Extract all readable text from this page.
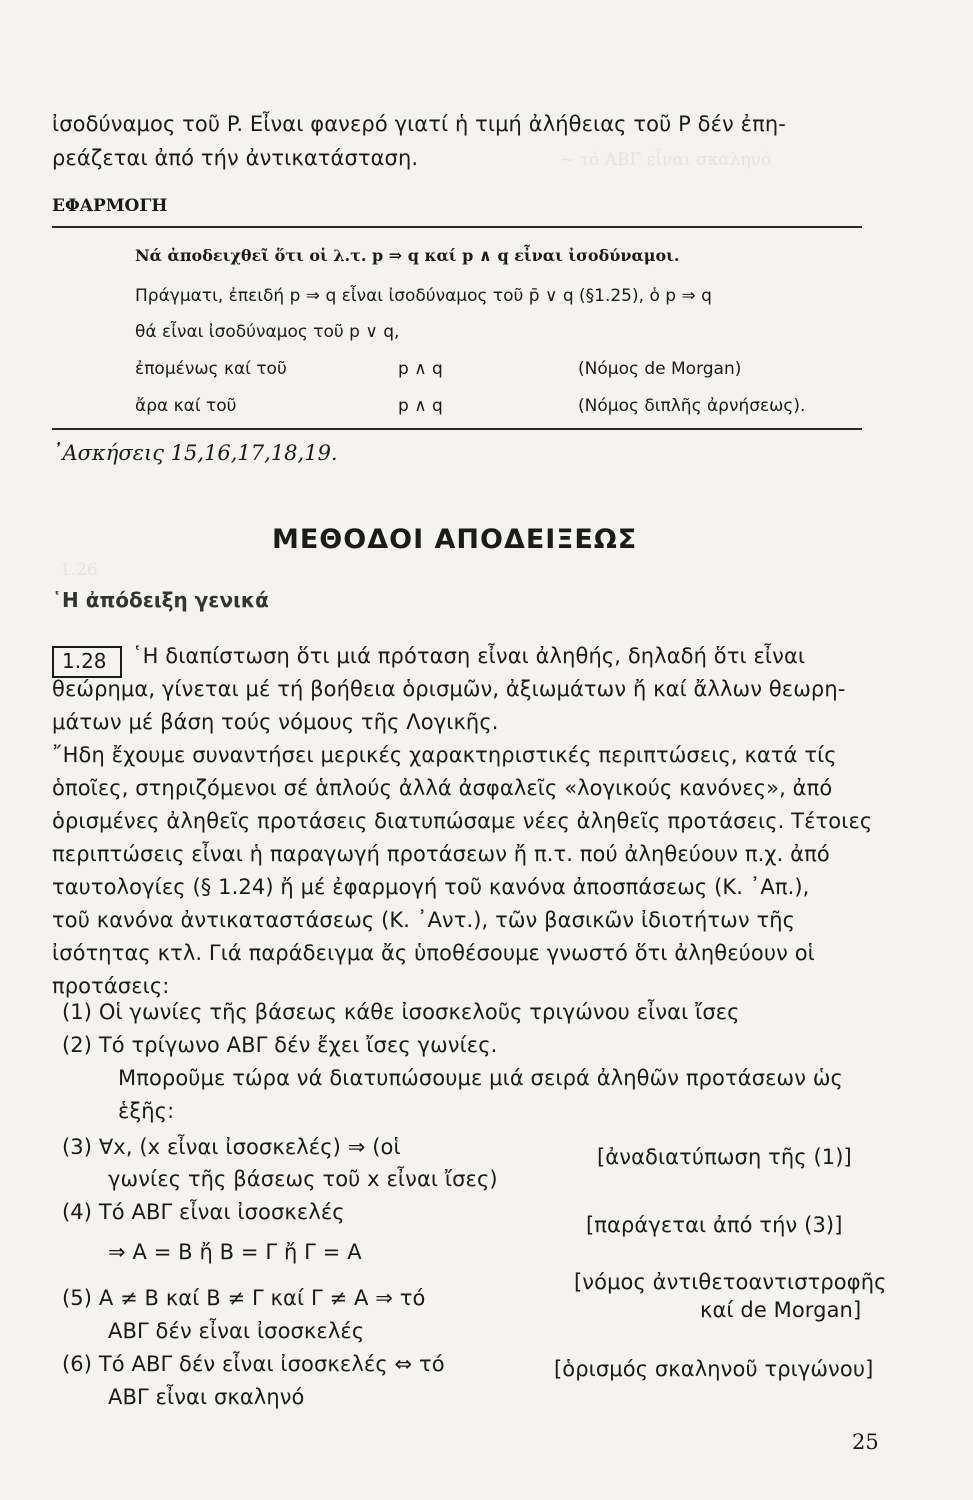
~ τό ΑΒΓ εἶναι σκαληνό
1.26
ἰσοδύναμος τοῦ P. Εἶναι φανερό γιατί ἡ τιμή ἀλήθειας τοῦ P δέν ἐπη-
ρεάζεται ἀπό τήν ἀντικατάσταση.
ΕΦΑΡΜΟΓΗ
Νά ἀποδειχθεῖ ὅτι οἱ λ.τ. p ⇒ q καί p ∧ q εἶναι ἰσοδύναμοι.
Πράγματι, ἐπειδή p ⇒ q εἶναι ἰσοδύναμος τοῦ p̄ ∨ q (§1.25), ὁ p ⇒ q
θά εἶναι ἰσοδύναμος τοῦ p ∨ q,
ἐπομένως καί τοῦ	p ∧ q	(Νόμος de Morgan)
ἄρα καί τοῦ	p ∧ q	(Νόμος διπλῆς ἀρνήσεως).
᾿Ασκήσεις 15,16,17,18,19.
ΜΕΘΟΔΟΙ ΑΠΟΔΕΙΞΕΩΣ
῾Η ἀπόδειξη γενικά
1.28 ῾Η διαπίστωση ὅτι μιά πρόταση εἶναι ἀληθής, δηλαδή ὅτι εἶναι
θεώρημα, γίνεται μέ τή βοήθεια ὁρισμῶν, ἀξιωμάτων ἤ καί ἄλλων θεωρη-
μάτων μέ βάση τούς νόμους τῆς Λογικῆς.
῎Ηδη ἔχουμε συναντήσει μερικές χαρακτηριστικές περιπτώσεις, κατά τίς
ὁποῖες, στηριζόμενοι σέ ἁπλούς ἀλλά ἀσφαλεῖς «λογικούς κανόνες», ἀπό
ὁρισμένες ἀληθεῖς προτάσεις διατυπώσαμε νέες ἀληθεῖς προτάσεις. Τέτοιες
περιπτώσεις εἶναι ἡ παραγωγή προτάσεων ἤ π.τ. πού ἀληθεύουν π.χ. ἀπό
ταυτολογίες (§ 1.24) ἤ μέ ἐφαρμογή τοῦ κανόνα ἀποσπάσεως (Κ. ᾿Απ.),
τοῦ κανόνα ἀντικαταστάσεως (Κ. ᾿Αντ.), τῶν βασικῶν ἰδιοτήτων τῆς
ἰσότητας κτλ. Γιά παράδειγμα ἄς ὑποθέσουμε γνωστό ὅτι ἀληθεύουν οἱ
προτάσεις:
(1) Οἱ γωνίες τῆς βάσεως κάθε ἰσοσκελοῦς τριγώνου εἶναι ἴσες
(2) Τό τρίγωνο ΑΒΓ δέν ἔχει ἴσες γωνίες.
Μποροῦμε τώρα νά διατυπώσουμε μιά σειρά ἀληθῶν προτάσεων ὡς
ἑξῆς:
(3) ∀x, (x εἶναι ἰσοσκελές) ⇒ (οἱ
γωνίες τῆς βάσεως τοῦ x εἶναι ἴσες)
[ἀναδιατύπωση τῆς (1)]
(4) Τό ΑΒΓ εἶναι ἰσοσκελές
[παράγεται ἀπό τήν (3)]
⇒ Α = Β ἤ Β = Γ ἤ Γ = Α
(5) Α ≠ Β καί Β ≠ Γ καί Γ ≠ Α ⇒ τό
ΑΒΓ δέν εἶναι ἰσοσκελές
[νόμος ἀντιθετοαντιστροφῆς
καί de Morgan]
(6) Τό ΑΒΓ δέν εἶναι ἰσοσκελές ⇔ τό
ΑΒΓ εἶναι σκαληνό
[ὁρισμός σκαληνοῦ τριγώνου]
25
